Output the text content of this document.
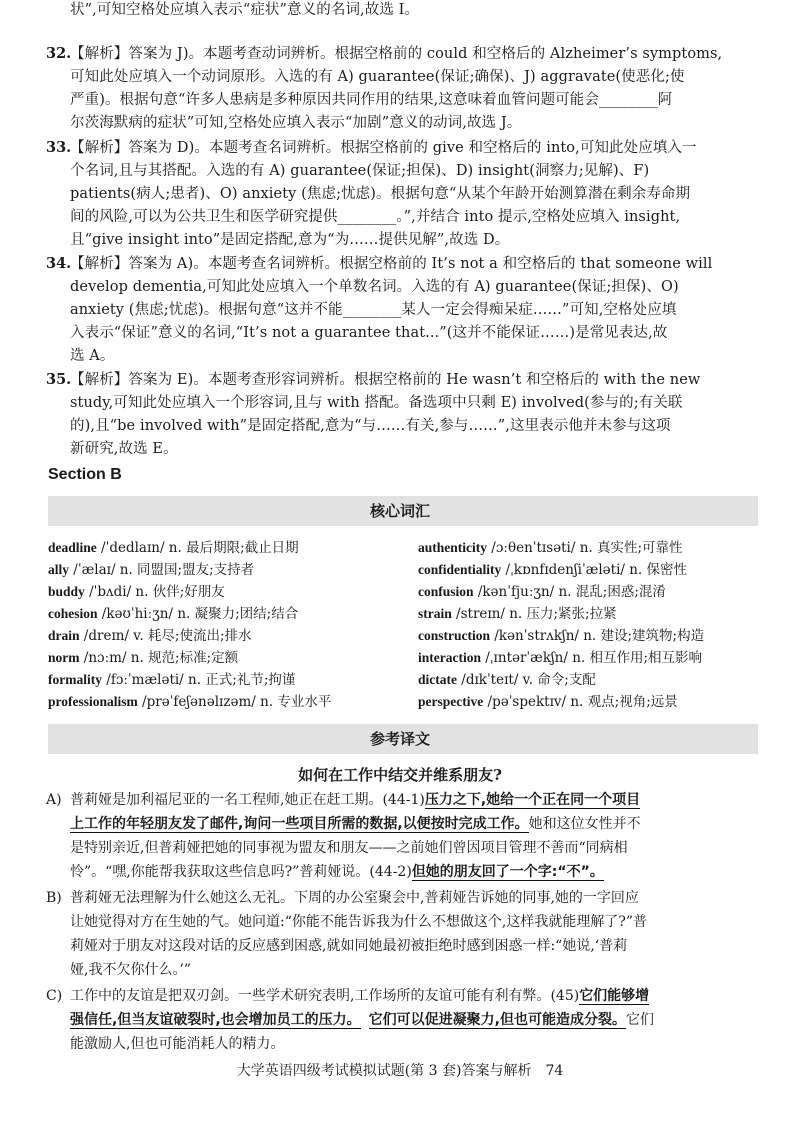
状”,可知空格处应填入表示“症状”意义的名词,故选 I。
32.
【解析】答案为 J)。本题考查动词辨析。根据空格前的 could 和空格后的 Alzheimer’s symptoms,
可知此处应填入一个动词原形。入选的有 A) guarantee(保证;确保)、J) aggravate(使恶化;使
严重)。根据句意“许多人患病是多种原因共同作用的结果,这意味着血管问题可能会________阿
尔茨海默病的症状”可知,空格处应填入表示“加剧”意义的动词,故选 J。
33.
【解析】答案为 D)。本题考查名词辨析。根据空格前的 give 和空格后的 into,可知此处应填入一
个名词,且与其搭配。入选的有 A) guarantee(保证;担保)、D) insight(洞察力;见解)、F)
patients(病人;患者)、O) anxiety (焦虑;忧虑)。根据句意“从某个年龄开始测算潜在剩余寿命期
间的风险,可以为公共卫生和医学研究提供________。”,并结合 into 提示,空格处应填入 insight,
且“give insight into”是固定搭配,意为“为……提供见解”,故选 D。
34.
【解析】答案为 A)。本题考查名词辨析。根据空格前的 It’s not a 和空格后的 that someone will
develop dementia,可知此处应填入一个单数名词。入选的有 A) guarantee(保证;担保)、O)
anxiety (焦虑;忧虑)。根据句意“这并不能________某人一定会得痴呆症……”可知,空格处应填
入表示“保证”意义的名词,“It’s not a guarantee that...”(这并不能保证……)是常见表达,故
选 A。
35.
【解析】答案为 E)。本题考查形容词辨析。根据空格前的 He wasn’t 和空格后的 with the new
study,可知此处应填入一个形容词,且与 with 搭配。备选项中只剩 E) involved(参与的;有关联
的),且“be involved with”是固定搭配,意为“与……有关,参与……”,这里表示他并未参与这项
新研究,故选 E。
Section B
核心词汇
deadline /ˈdedlaɪn/ n. 最后期限;截止日期
ally /ˈælaɪ/ n. 同盟国;盟友;支持者
buddy /ˈbʌdi/ n. 伙伴;好朋友
cohesion /kəʊˈhiːʒn/ n. 凝聚力;团结;结合
drain /dreɪn/ v. 耗尽;使流出;排水
norm /nɔːm/ n. 规范;标准;定额
formality /fɔːˈmæləti/ n. 正式;礼节;拘谨
professionalism /prəˈfeʃənəlɪzəm/ n. 专业水平
authenticity /ɔːθenˈtɪsəti/ n. 真实性;可靠性
confidentiality /ˌkɒnfɪdenʃiˈæləti/ n. 保密性
confusion /kənˈfjuːʒn/ n. 混乱;困惑;混淆
strain /streɪn/ n. 压力;紧张;拉紧
construction /kənˈstrʌkʃn/ n. 建设;建筑物;构造
interaction /ˌɪntərˈækʃn/ n. 相互作用;相互影响
dictate /dɪkˈteɪt/ v. 命令;支配
perspective /pəˈspektɪv/ n. 观点;视角;远景
参考译文
如何在工作中结交并维系朋友?
A) 普莉娅是加利福尼亚的一名工程师,她正在赶工期。(44-1)压力之下,她给一个正在同一个项目
上工作的年轻朋友发了邮件,询问一些项目所需的数据,以便按时完成工作。她和这位女性并不
是特别亲近,但普莉娅把她的同事视为盟友和朋友——之前她们曾因项目管理不善而“同病相
怜”。“嘿,你能帮我获取这些信息吗?”普莉娅说。(44-2)但她的朋友回了一个字:“不”。
B) 普莉娅无法理解为什么她这么无礼。下周的办公室聚会中,普莉娅告诉她的同事,她的一字回应
让她觉得对方在生她的气。她问道:“你能不能告诉我为什么不想做这个,这样我就能理解了?”普
莉娅对于朋友对这段对话的反应感到困惑,就如同她最初被拒绝时感到困惑一样:“她说,‘普莉
娅,我不欠你什么。’”
C) 工作中的友谊是把双刃剑。一些学术研究表明,工作场所的友谊可能有利有弊。(45)它们能够增
强信任,但当友谊破裂时,也会增加员工的压力。 它们可以促进凝聚力,但也可能造成分裂。它们
能激励人,但也可能消耗人的精力。
大学英语四级考试模拟试题(第 3 套)答案与解析 74
